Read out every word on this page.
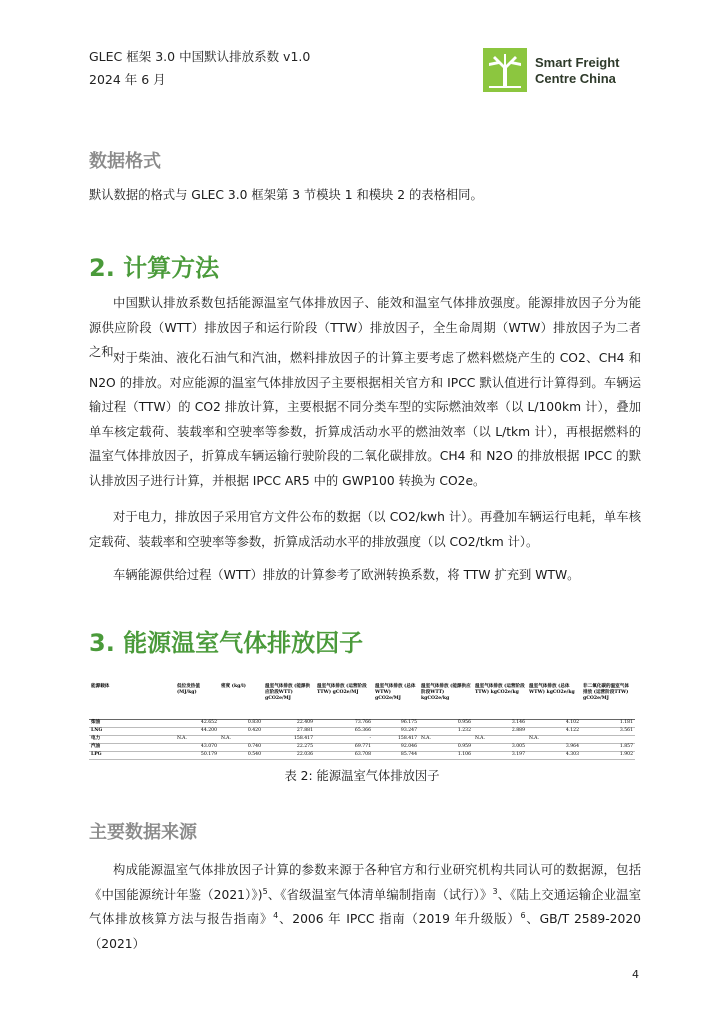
GLEC 框架 3.0 中国默认排放系数 v1.0
2024 年 6 月
Smart Freight
Centre China
数据格式
默认数据的格式与 GLEC 3.0 框架第 3 节模块 1 和模块 2 的表格相同。
2. 计算方法
中国默认排放系数包括能源温室气体排放因子、能效和温室气体排放强度。能源排放因子分为能源供应阶段（WTT）排放因子和运行阶段（TTW）排放因子，全生命周期（WTW）排放因子为二者之和。
对于柴油、液化石油气和汽油，燃料排放因子的计算主要考虑了燃料燃烧产生的 CO2、CH4 和 N2O 的排放。对应能源的温室气体排放因子主要根据相关官方和 IPCC 默认值进行计算得到。车辆运输过程（TTW）的 CO2 排放计算，主要根据不同分类车型的实际燃油效率（以 L/100km 计），叠加单车核定载荷、装载率和空驶率等参数，折算成活动水平的燃油效率（以 L/tkm 计），再根据燃料的温室气体排放因子，折算成车辆运输行驶阶段的二氧化碳排放。CH4 和 N2O 的排放根据 IPCC 的默认排放因子进行计算，并根据 IPCC AR5 中的 GWP100 转换为 CO2e。
对于电力，排放因子采用官方文件公布的数据（以 CO2/kwh 计）。再叠加车辆运行电耗，单车核定载荷、装载率和空驶率等参数，折算成活动水平的排放强度（以 CO2/tkm 计）。
车辆能源供给过程（WTT）排放的计算参考了欧洲转换系数，将 TTW 扩充到 WTW。
3. 能源温室气体排放因子
能源载体	低位发热值 (MJ/kg)	密度 (kg/l)	温室气体排放 (能源供应阶段WTT) gCO2e/MJ	温室气体排放 (运营阶段TTW) gCO2e/MJ	温室气体排放 (总体WTW) gCO2e/MJ	温室气体排放 (能源供应阶段WTT) kgCO2e/kg	温室气体排放 (运营阶段TTW) kgCO2e/kg	温室气体排放 (总体WTW) kgCO2e/kg	非二氧化碳的温室气体排放 (运营阶段TTW) gCO2e/MJ
柴油	42.652	0.830	22.409	73.766	96.175	0.956	3.146	4.102	1.181
LNG	44.200	0.420	27.881	65.366	93.247	1.232	2.889	4.122	3.561
电力	N.A.	N.A.	158.417	-	158.417	N.A.	N.A.	N.A.	
汽油	43.070	0.740	22.275	69.771	92.046	0.959	3.005	3.964	1.857
LPG	50.179	0.540	22.036	63.708	85.744	1.106	3.197	4.303	1.902
表 2: 能源温室气体排放因子
主要数据来源
构成能源温室气体排放因子计算的参数来源于各种官方和行业研究机构共同认可的数据源，包括《中国能源统计年鉴（2021）》)$^5$、《省级温室气体清单编制指南（试行）》$^3$、《陆上交通运输企业温室气体排放核算方法与报告指南》$^4$、2006 年 IPCC 指南（2019 年升级版）$^6$、GB/T 2589-2020 （2021）
4
